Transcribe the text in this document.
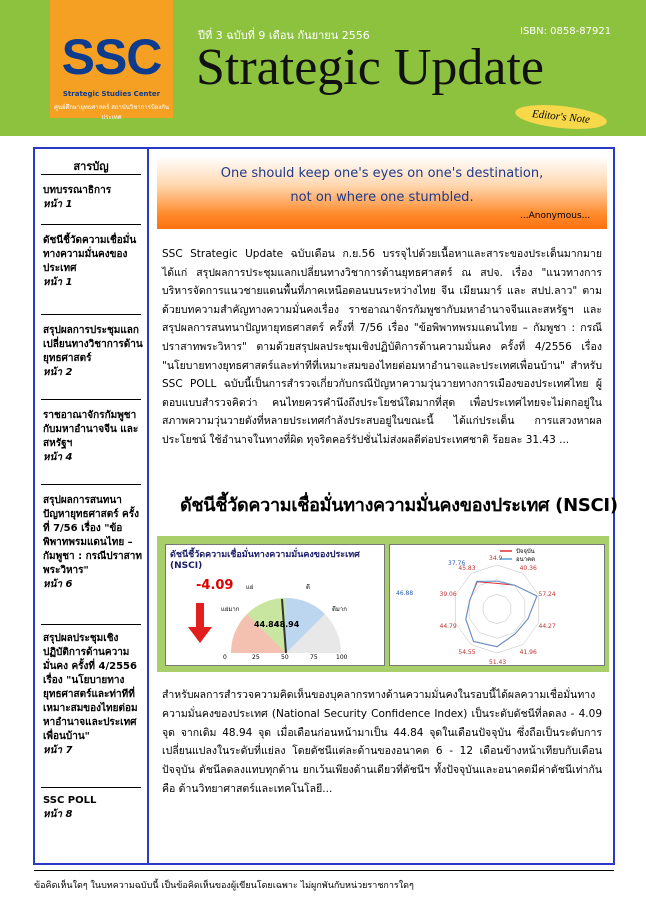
SSC
Strategic Studies Center
ศูนย์ศึกษายุทธศาสตร์ สถาบันวิชาการป้องกันประเทศ
ปีที่ 3 ฉบับที่ 9 เดือน กันยายน 2556	ISBN: 0858-87921
Strategic Update
Editor's Note
สารบัญ
บทบรรณาธิการ
หน้า 1
ดัชนีชี้วัดความเชื่อมั่นทางความมั่นคงของประเทศ
หน้า 1
สรุปผลการประชุมแลกเปลี่ยนทางวิชาการด้านยุทธศาสตร์
หน้า 2
ราชอาณาจักรกัมพูชา กับมหาอำนาจจีน และสหรัฐฯ
หน้า 4
สรุปผลการสนทนาปัญหายุทธศาสตร์ ครั้งที่ 7/56 เรื่อง "ข้อพิพาทพรมแดนไทย – กัมพูชา : กรณีปราสาทพระวิหาร"
หน้า 6
สรุปผลประชุมเชิงปฏิบัติการด้านความมั่นคง ครั้งที่ 4/2556 เรื่อง "นโยบายทางยุทธศาสตร์และท่าทีที่เหมาะสมของไทยต่อมหาอำนาจและประเทศเพื่อนบ้าน"
หน้า 7
SSC POLL
หน้า 8
One should keep one's eyes on one's destination,
not on where one stumbled.
...Anonymous...
SSC Strategic Update ฉบับเดือน ก.ย.56 บรรจุไปด้วยเนื้อหาและสาระของประเด็นมากมาย ได้แก่ สรุปผลการประชุมแลกเปลี่ยนทางวิชาการด้านยุทธศาสตร์ ณ สปจ. เรื่อง "แนวทางการบริหารจัดการแนวชายแดนพื้นที่ภาคเหนือตอนบนระหว่างไทย จีน เมียนมาร์ และ สปป.ลาว" ตามด้วยบทความสำคัญทางความมั่นคงเรื่อง ราชอาณาจักรกัมพูชากับมหาอำนาจจีนและสหรัฐฯ และสรุปผลการสนทนาปัญหายุทธศาสตร์ ครั้งที่ 7/56 เรื่อง "ข้อพิพาทพรมแดนไทย – กัมพูชา : กรณีปราสาทพระวิหาร" ตามด้วยสรุปผลประชุมเชิงปฏิบัติการด้านความมั่นคง ครั้งที่ 4/2556 เรื่อง "นโยบายทางยุทธศาสตร์และท่าทีที่เหมาะสมของไทยต่อมหาอำนาจและประเทศเพื่อนบ้าน" สำหรับ SSC POLL ฉบับนี้เป็นการสำรวจเกี่ยวกับกรณีปัญหาความวุ่นวายทางการเมืองของประเทศไทย ผู้ตอบแบบสำรวจคิดว่า คนไทยควรคำนึงถึงประโยชน์ใดมากที่สุด เพื่อประเทศไทยจะไม่ตกอยู่ในสภาพความวุ่นวายดังที่หลายประเทศกำลังประสบอยู่ในขณะนี้ ได้แก่ประเด็น การแสวงหาผลประโยชน์ ใช้อำนาจในทางที่ผิด ทุจริตคอร์รัปชั่นไม่ส่งผลดีต่อประเทศชาติ ร้อยละ 31.43 ...
ดัชนีชี้วัดความเชื่อมั่นทางความมั่นคงของประเทศ (NSCI)
ดัชนีชี้วัดความเชื่อมั่นทางความมั่นคงของประเทศ (NSCI)
-4.09
48.94
44.84
0	25	50	75	100
แย่มาก
แย่	ดี
ดีมาก
34.9
40.36
57.24
44.27
41.96
51.43
54.55
44.79
39.06
45.83
46.88
37.76
ปัจจุบัน
อนาคต
สำหรับผลการสำรวจความคิดเห็นของบุคลากรทางด้านความมั่นคงในรอบนี้ได้ผลความเชื่อมั่นทางความมั่นคงของประเทศ (National Security Confidence Index) เป็นระดับดัชนีที่ลดลง - 4.09 จุด จากเดิม 48.94 จุด เมื่อเดือนก่อนหน้ามาเป็น 44.84 จุดในเดือนปัจจุบัน ซึ่งถือเป็นระดับการเปลี่ยนแปลงในระดับที่แย่ลง โดยดัชนีแต่ละด้านของอนาคต 6 - 12 เดือนข้างหน้าเทียบกับเดือนปัจจุบัน ดัชนีลดลงแทบทุกด้าน ยกเว้นเพียงด้านเดียวที่ดัชนีฯ ทั้งปัจจุบันและอนาคตมีค่าดัชนีเท่ากัน คือ ด้านวิทยาศาสตร์และเทคโนโลยี...
ข้อคิดเห็นใดๆ ในบทความฉบับนี้ เป็นข้อคิดเห็นของผู้เขียนโดยเฉพาะ ไม่ผูกพันกับหน่วยราชการใดๆ
